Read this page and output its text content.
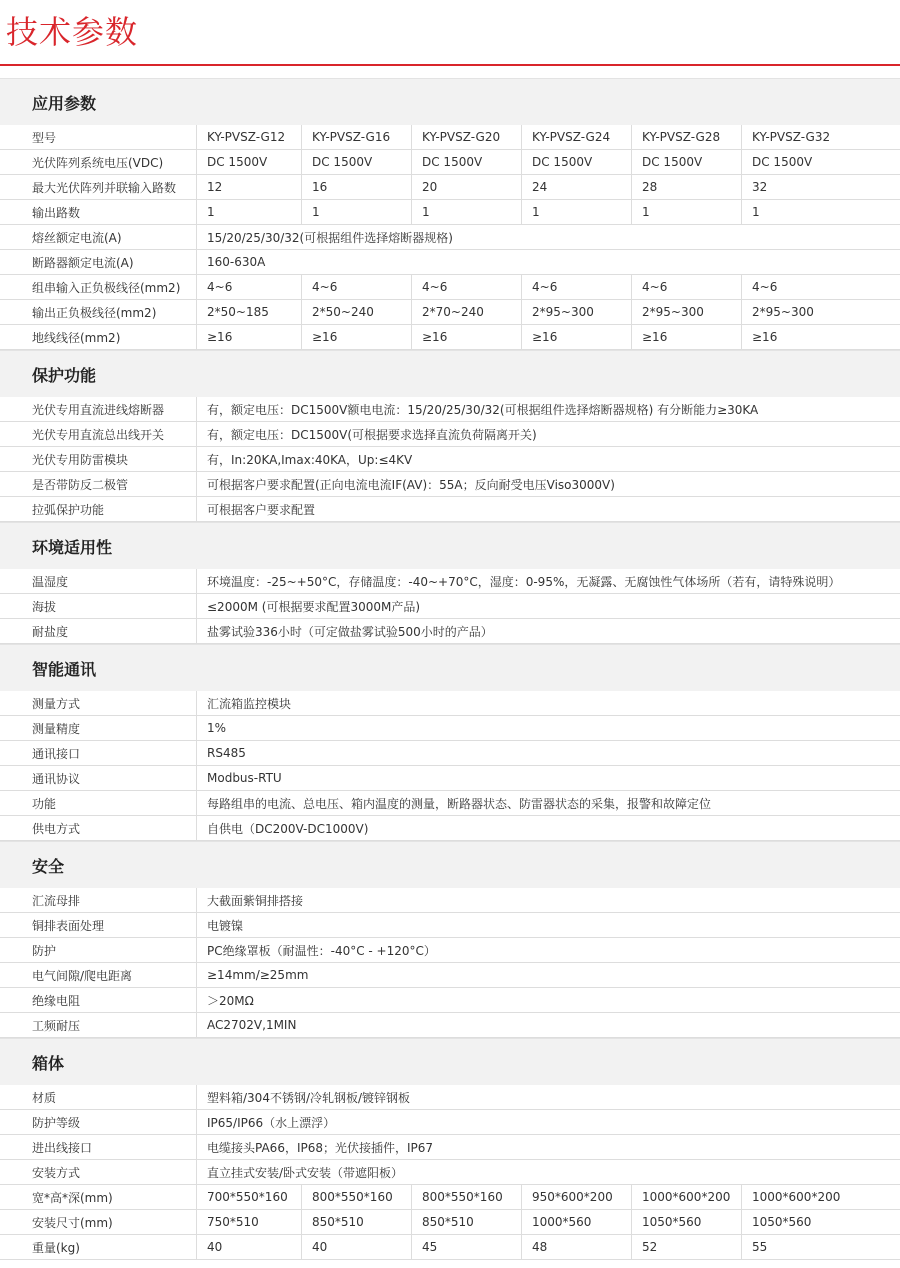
技术参数
应用参数
型号	KY-PVSZ-G12	KY-PVSZ-G16	KY-PVSZ-G20	KY-PVSZ-G24	KY-PVSZ-G28	KY-PVSZ-G32
光伏阵列系统电压(VDC)	DC 1500V	DC 1500V	DC 1500V	DC 1500V	DC 1500V	DC 1500V
最大光伏阵列并联输入路数	12	16	20	24	28	32
输出路数	1	1	1	1	1	1
熔丝额定电流(A)	15/20/25/30/32(可根据组件选择熔断器规格)
断路器额定电流(A)	160-630A
组串输入正负极线径(mm2)	4~6	4~6	4~6	4~6	4~6	4~6
输出正负极线径(mm2)	2*50~185	2*50~240	2*70~240	2*95~300	2*95~300	2*95~300
地线线径(mm2)	≥16	≥16	≥16	≥16	≥16	≥16
保护功能
光伏专用直流进线熔断器	有，额定电压：DC1500V额电电流：15/20/25/30/32(可根据组件选择熔断器规格) 有分断能力≥30KA
光伏专用直流总出线开关	有，额定电压：DC1500V(可根据要求选择直流负荷隔离开关)
光伏专用防雷模块	有，In:20KA,Imax:40KA，Up:≤4KV
是否带防反二极管	可根据客户要求配置(正向电流电流IF(AV)：55A；反向耐受电压Viso3000V)
拉弧保护功能	可根据客户要求配置
环境适用性
温湿度	环境温度：-25~+50°C，存储温度：-40~+70°C，湿度：0-95%，无凝露、无腐蚀性气体场所（若有，请特殊说明）
海拔	≤2000M (可根据要求配置3000M产品)
耐盐度	盐雾试验336小时（可定做盐雾试验500小时的产品）
智能通讯
测量方式	汇流箱监控模块
测量精度	1%
通讯接口	RS485
通讯协议	Modbus-RTU
功能	每路组串的电流、总电压、箱内温度的测量，断路器状态、防雷器状态的采集，报警和故障定位
供电方式	自供电（DC200V-DC1000V)
安全
汇流母排	大截面紫铜排搭接
铜排表面处理	电镀镍
防护	PC绝缘罩板（耐温性：-40°C - +120°C）
电气间隙/爬电距离	≥14mm/≥25mm
绝缘电阻	＞20MΩ
工频耐压	AC2702V,1MIN
箱体
材质	塑料箱/304不锈钢/冷轧钢板/镀锌钢板
防护等级	IP65/IP66（水上漂浮）
进出线接口	电缆接头PA66，IP68；光伏接插件，IP67
安装方式	直立挂式安装/卧式安装（带遮阳板）
宽*高*深(mm)	700*550*160	800*550*160	800*550*160	950*600*200	1000*600*200	1000*600*200
安装尺寸(mm)	750*510	850*510	850*510	1000*560	1050*560	1050*560
重量(kg)	40	40	45	48	52	55
